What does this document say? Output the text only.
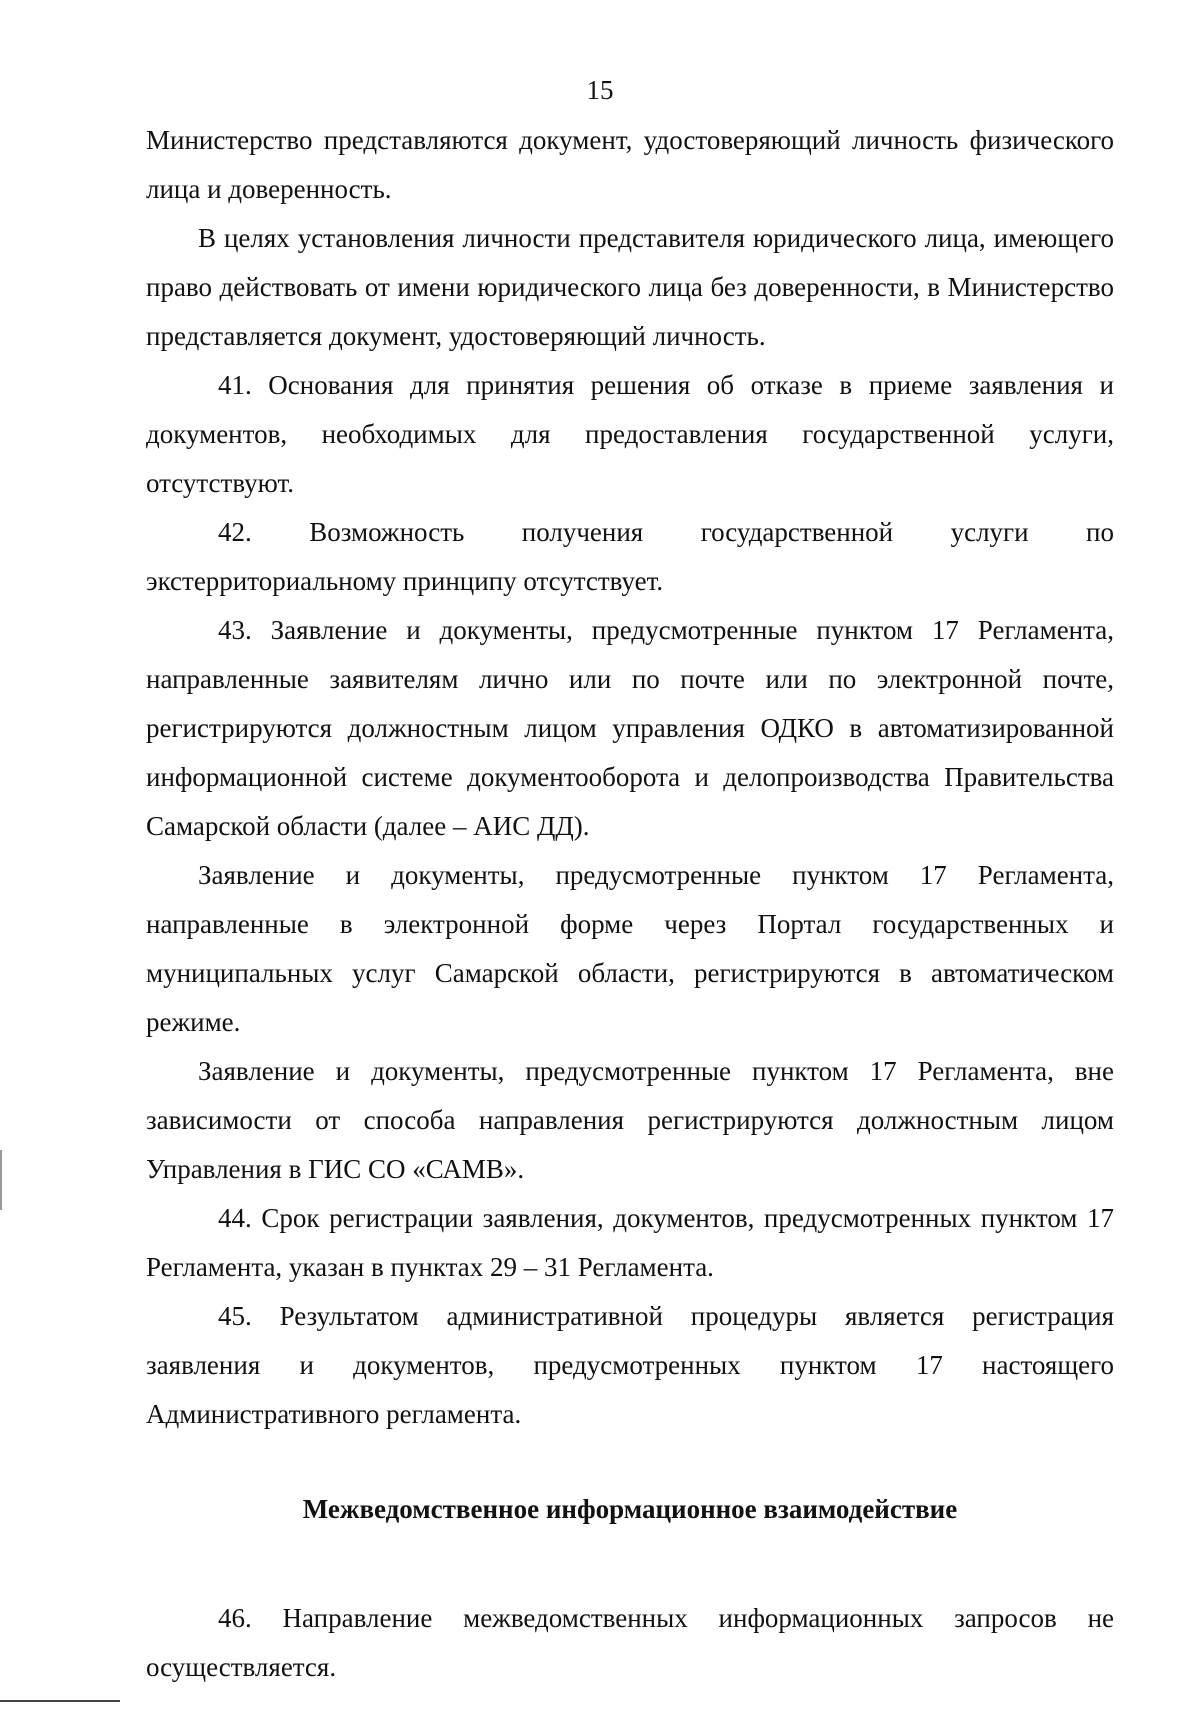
15

Министерство представляются документ, удостоверяющий личность физического лица и доверенность.

В целях установления личности представителя юридического лица, имеющего право действовать от имени юридического лица без доверенности, в Министерство представляется документ, удостоверяющий личность.

41. Основания для принятия решения об отказе в приеме заявления и документов, необходимых для предоставления государственной услуги, отсутствуют.

42. Возможность получения государственной услуги по экстерриториальному принципу отсутствует.

43. Заявление и документы, предусмотренные пунктом 17 Регламента, направленные заявителям лично или по почте или по электронной почте, регистрируются должностным лицом управления ОДКО в автоматизированной информационной системе документооборота и делопроизводства Правительства Самарской области (далее – АИС ДД).

Заявление и документы, предусмотренные пунктом 17 Регламента, направленные в электронной форме через Портал государственных и муниципальных услуг Самарской области, регистрируются в автоматическом режиме.

Заявление и документы, предусмотренные пунктом 17 Регламента, вне зависимости от способа направления регистрируются должностным лицом Управления в ГИС СО «САМВ».

44. Срок регистрации заявления, документов, предусмотренных пунктом 17 Регламента, указан в пунктах 29 – 31 Регламента.

45. Результатом административной процедуры является регистрация заявления и документов, предусмотренных пунктом 17 настоящего Административного регламента.

Межведомственное информационное взаимодействие

46. Направление межведомственных информационных запросов не осуществляется.
